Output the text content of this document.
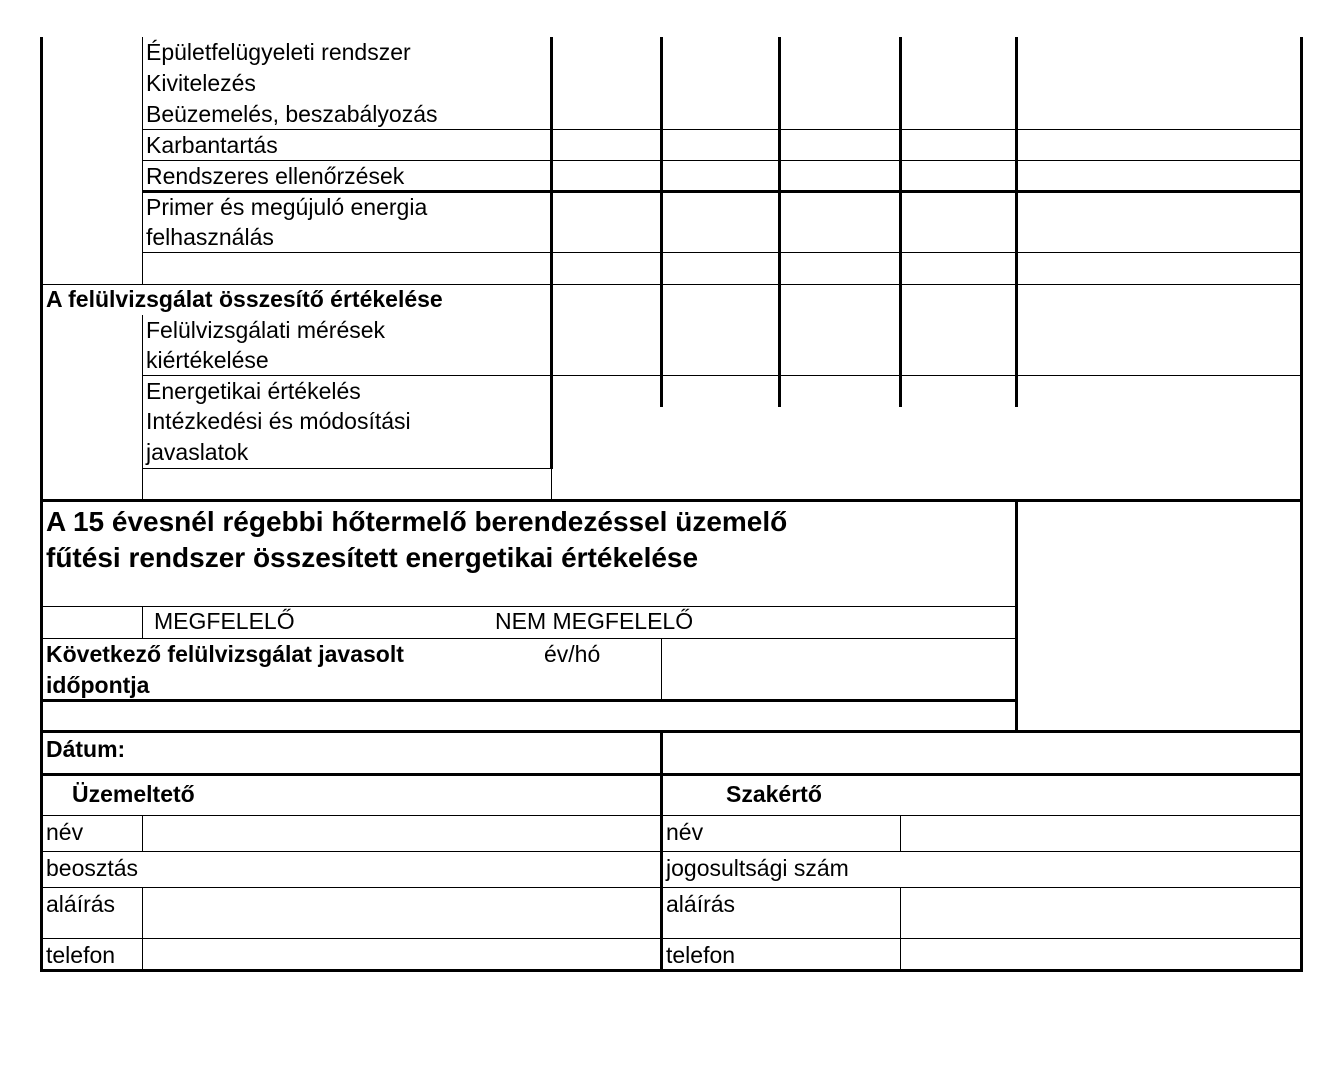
Épületfelügyeleti rendszer
Kivitelezés
Beüzemelés, beszabályozás
Karbantartás
Rendszeres ellenőrzések
Primer és megújuló energia
felhasználás
A felülvizsgálat összesítő értékelése
Felülvizsgálati mérések
kiértékelése
Energetikai értékelés
Intézkedési és módosítási
javaslatok
A 15 évesnél régebbi hőtermelő berendezéssel üzemelő
fűtési rendszer összesített energetikai értékelése
MEGFELELŐ	NEM MEGFELELŐ
Következő felülvizsgálat javasolt
időpontja
év/hó
Dátum:
Üzemeltető	Szakértő
név
beosztás
aláírás
telefon
név
jogosultsági szám
aláírás
telefon
